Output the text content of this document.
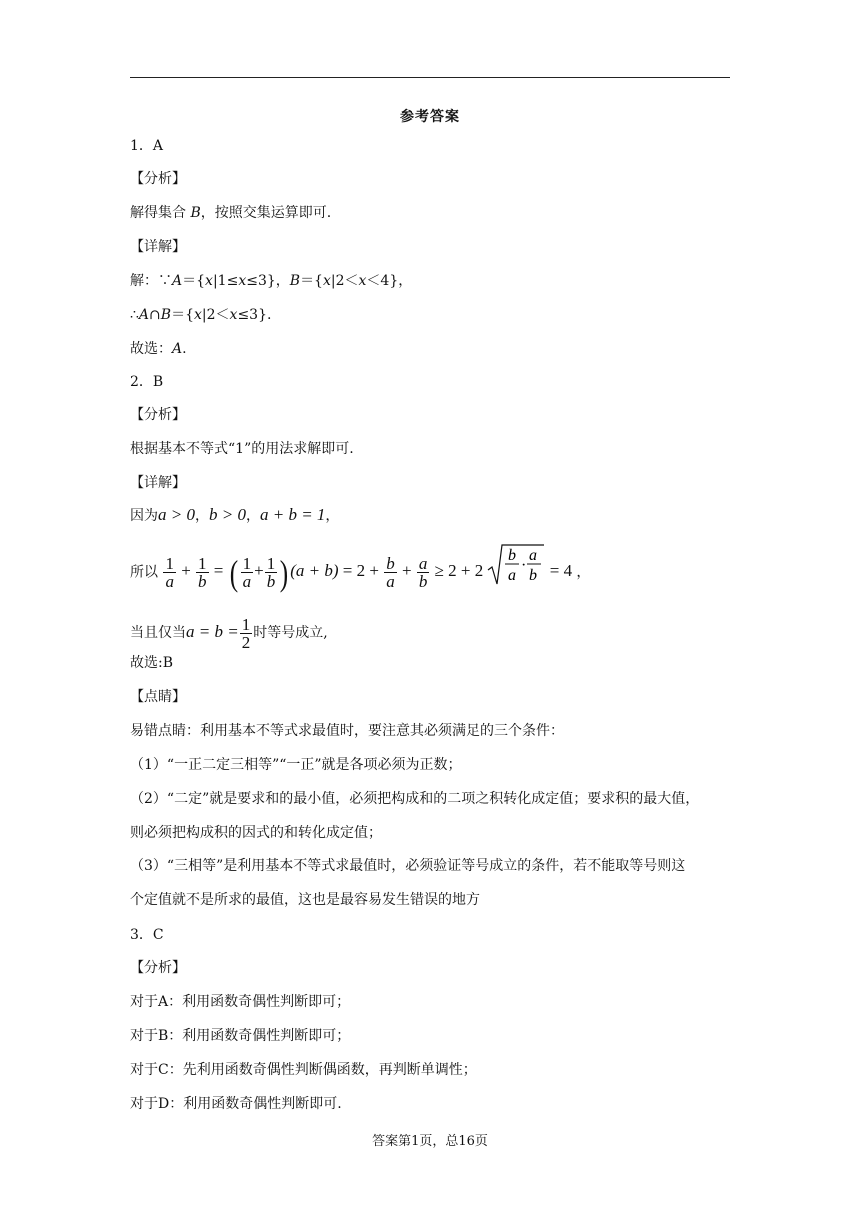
参考答案
1．A
【分析】
解得集合 B，按照交集运算即可.
【详解】
解：∵A＝{x|1≤x≤3}，B＝{x|2＜x＜4}，
∴A∩B＝{x|2＜x≤3}.
故选：A.
2．B
【分析】
根据基本不等式“1”的用法求解即可.
【详解】
因为a > 0，b > 0，a + b = 1，
所以 $\frac{1}{a} + \frac{1}{b}$ = ( $\frac{1}{a} + \frac{1}{b}$ ) $(a + b) = 2 + \frac{b}{a} + \frac{a}{b} \ge 2 + 2$
b
a
·
a
b = 4 ，
当且仅当$a = b = \frac{1}{2}$ 时等号成立,
故选:B
【点睛】
易错点睛：利用基本不等式求最值时，要注意其必须满足的三个条件：
（1）“一正二定三相等”“一正”就是各项必须为正数；
（2）“二定”就是要求和的最小值，必须把构成和的二项之积转化成定值；要求积的最大值，
则必须把构成积的因式的和转化成定值；
（3）“三相等”是利用基本不等式求最值时，必须验证等号成立的条件，若不能取等号则这
个定值就不是所求的最值，这也是最容易发生错误的地方
3．C
【分析】
对于A：利用函数奇偶性判断即可；
对于B：利用函数奇偶性判断即可；
对于C：先利用函数奇偶性判断偶函数，再判断单调性；
对于D：利用函数奇偶性判断即可.
答案第1页，总16页
